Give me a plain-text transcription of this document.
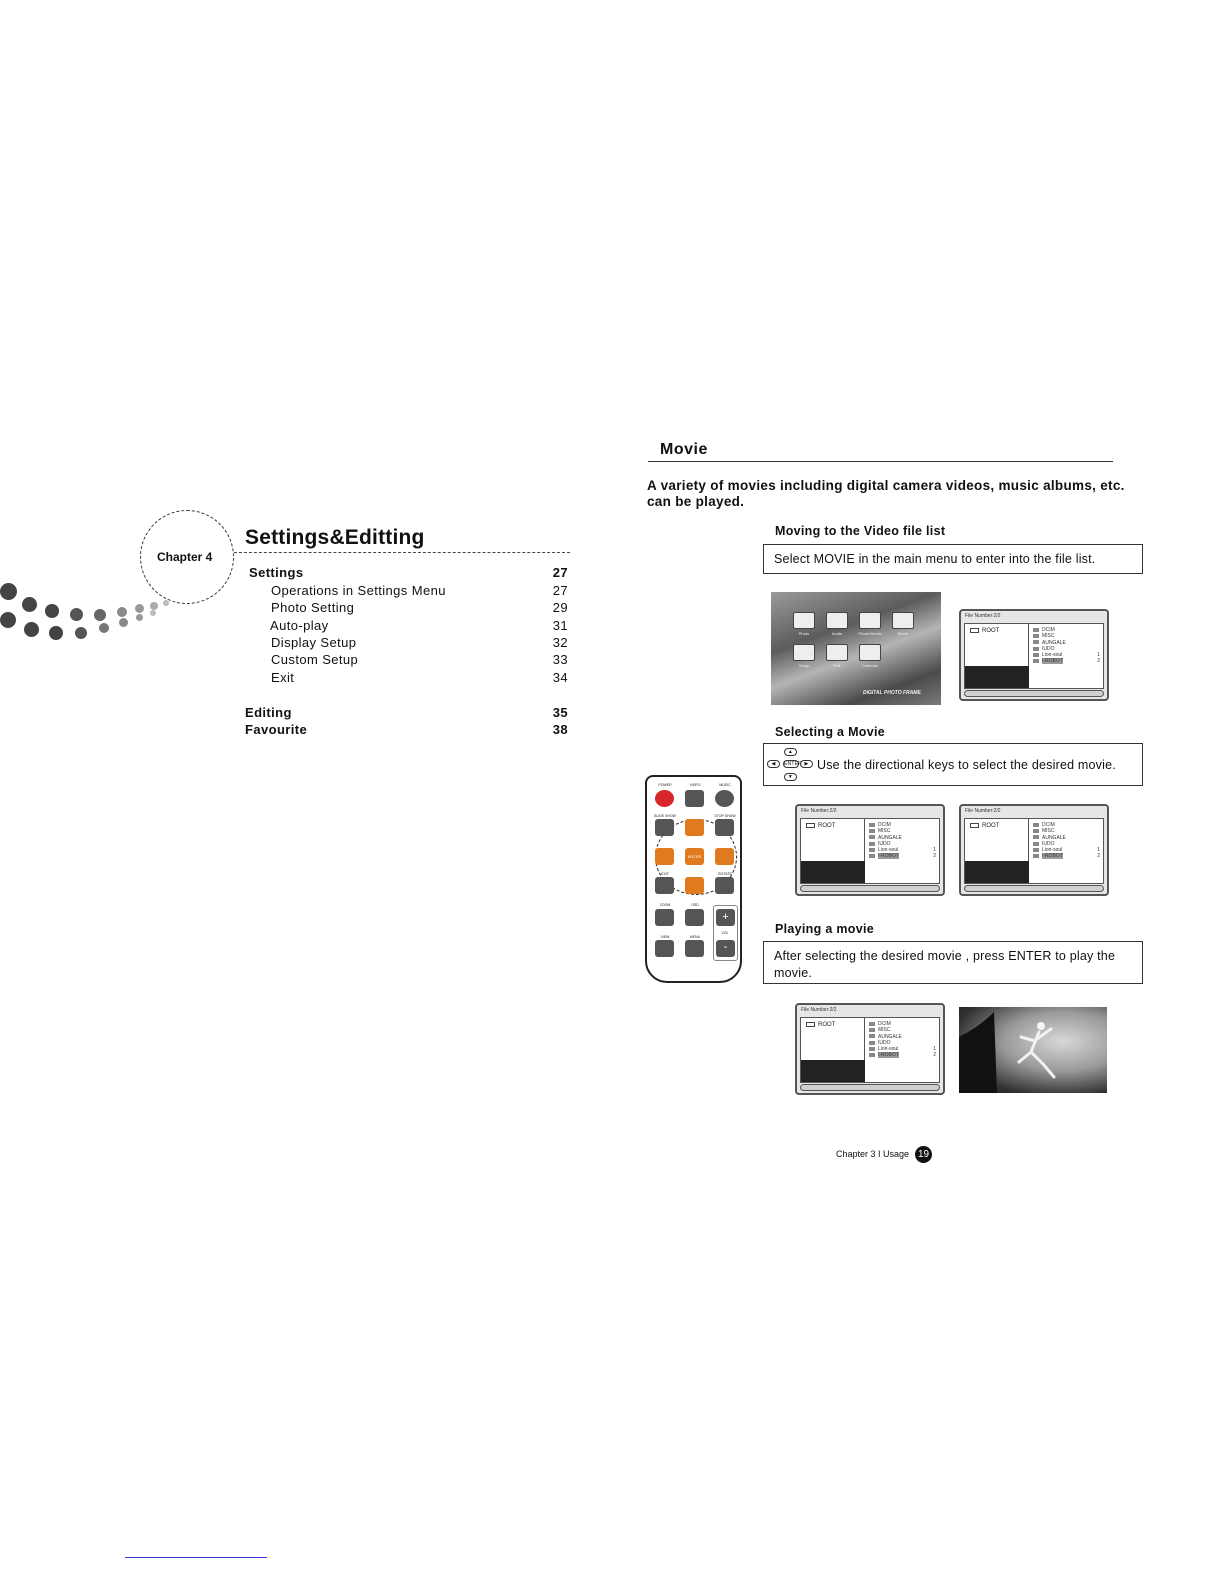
Chapter 4
Settings&Editting
Settings	27
Operations in Settings Menu	27
Photo Setting	29
Auto-play	31
Display Setup	32
Custom Setup	33
Exit	34
Editing	35
Favourite	38
Movie
A variety of movies including digital camera videos, music albums, etc. can be played.
Moving to the Video file list
Select MOVIE in the main menu to enter into the file list.
Photo	Audio	Photo+Music	Movie
Setup	Edit	Calendar
DIGITAL PHOTO FRAME
File Number:2/2
ROOT	DCIM
MISC
AUNGALE
IUDO
Lion-soul	1
I-ROBOT	2
Selecting a Movie
▲
◀	ENTER ▶
▼
Use the directional keys to select the desired movie.
POWER	VIDEO	MUSIC
SLIDE SHOW	STOP SHOW
ENTER
EXIT	ROTATE
ZOOM	OSD
+
VOL
VIEW	MENU
-
File Number:2/2
ROOT	DCIM
MISC
AUNGALE
IUDO
Lion-soul	1
I-ROBOT	2
File Number:2/2
ROOT	DCIM
MISC
AUNGALE
IUDO
Lion-soul	1
I-ROBOT	2
Playing a movie
After selecting the desired movie , press ENTER to play the movie.
File Number:2/2
ROOT	DCIM
MISC
AUNGALE
IUDO
Lion-soul	1
I-ROBOT	2
Chapter 3 I Usage 19
